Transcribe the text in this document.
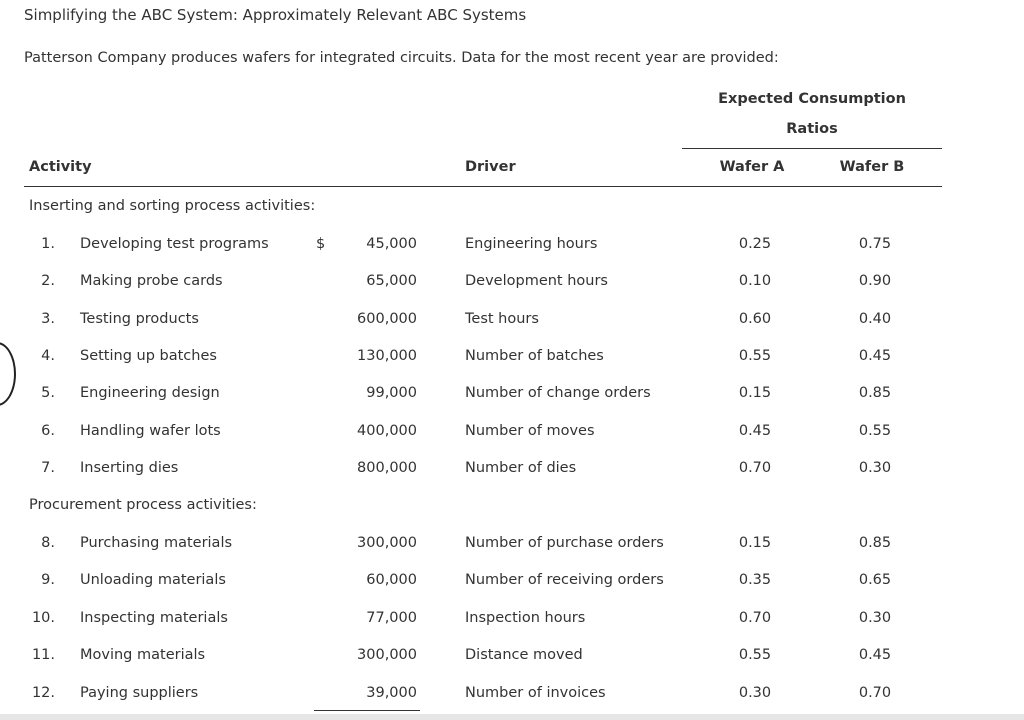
Simplifying the ABC System: Approximately Relevant ABC Systems
Patterson Company produces wafers for integrated circuits. Data for the most recent year are provided:
Expected Consumption
Ratios
Activity	Driver	Wafer A	Wafer B
Inserting and sorting process activities:
Procurement process activities:
1. Developing test programs	$	45,000	Engineering hours	0.25	0.75
2. Making probe cards	65,000	Development hours	0.10	0.90
3. Testing products	600,000	Test hours	0.60	0.40
4. Setting up batches	130,000	Number of batches	0.55	0.45
5. Engineering design	99,000	Number of change orders	0.15	0.85
6. Handling wafer lots	400,000	Number of moves	0.45	0.55
7. Inserting dies	800,000	Number of dies	0.70	0.30
8. Purchasing materials	300,000	Number of purchase orders	0.15	0.85
9. Unloading materials	60,000	Number of receiving orders	0.35	0.65
10. Inspecting materials	77,000	Inspection hours	0.70	0.30
11. Moving materials	300,000	Distance moved	0.55	0.45
12. Paying suppliers	39,000	Number of invoices	0.30	0.70
